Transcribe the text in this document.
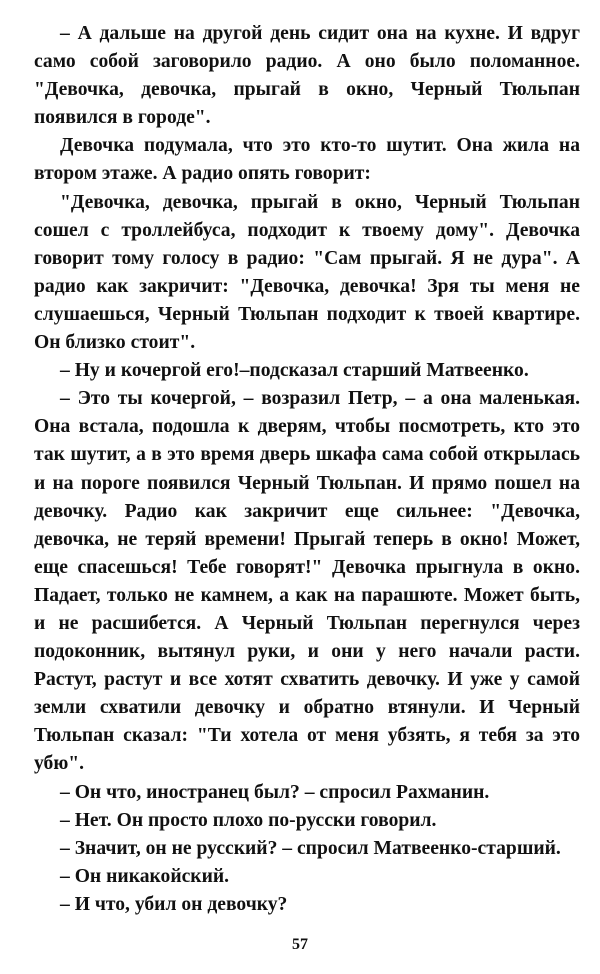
– А дальше на другой день сидит она на кухне. И вдруг само собой заговорило радио. А оно было поломанное. "Девочка, девочка, прыгай в окно, Черный Тюльпан появился в городе".

Девочка подумала, что это кто-то шутит. Она жила на втором этаже. А радио опять говорит:

"Девочка, девочка, прыгай в окно, Черный Тюльпан сошел с троллейбуса, подходит к твоему дому". Девочка говорит тому голосу в радио: "Сам прыгай. Я не дура". А радио как закричит: "Девочка, девочка! Зря ты меня не слушаешься, Черный Тюльпан подходит к твоей квартире. Он близко стоит".

– Ну и кочергой его!–подсказал старший Матвеенко.

– Это ты кочергой, – возразил Петр, – а она маленькая. Она встала, подошла к дверям, чтобы посмотреть, кто это так шутит, а в это время дверь шкафа сама собой открылась и на пороге появился Черный Тюльпан. И прямо пошел на девочку. Радио как закричит еще сильнее: "Девочка, девочка, не теряй времени! Прыгай теперь в окно! Может, еще спасешься! Тебе говорят!" Девочка прыгнула в окно. Падает, только не камнем, а как на парашюте. Может быть, и не расшибется. А Черный Тюльпан перегнулся через подоконник, вытянул руки, и они у него начали расти. Растут, растут и все хотят схватить девочку. И уже у самой земли схватили девочку и обратно втянули. И Черный Тюльпан сказал: "Ти хотела от меня убзять, я тебя за это убю".

– Он что, иностранец был? – спросил Рахманин.

– Нет. Он просто плохо по-русски говорил.

– Значит, он не русский? – спросил Матвеенко-старший.

– Он никакойский.

– И что, убил он девочку?

57
